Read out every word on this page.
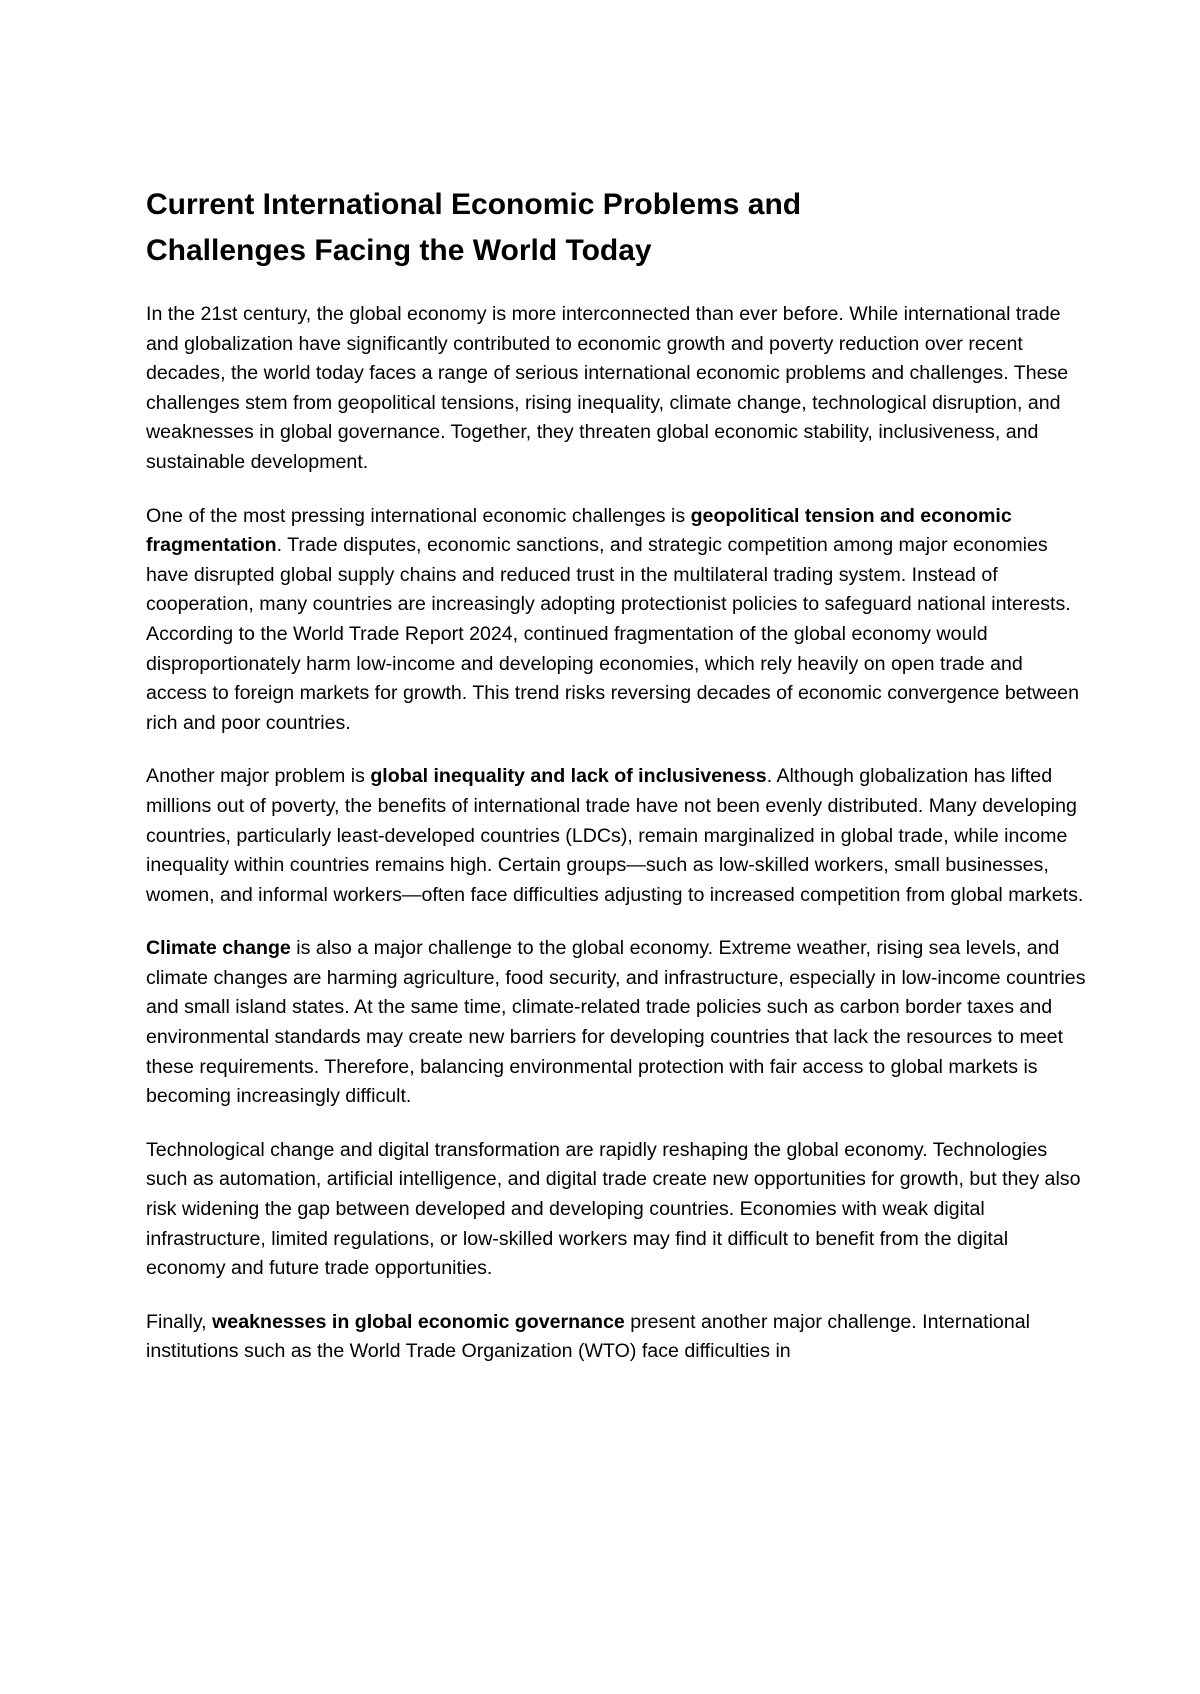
Current International Economic Problems and
Challenges Facing the World Today

In the 21st century, the global economy is more interconnected than ever before. While international trade and globalization have significantly contributed to economic growth and poverty reduction over recent decades, the world today faces a range of serious international economic problems and challenges. These challenges stem from geopolitical tensions, rising inequality, climate change, technological disruption, and weaknesses in global governance. Together, they threaten global economic stability, inclusiveness, and sustainable development.

One of the most pressing international economic challenges is geopolitical tension and economic fragmentation. Trade disputes, economic sanctions, and strategic competition among major economies have disrupted global supply chains and reduced trust in the multilateral trading system. Instead of cooperation, many countries are increasingly adopting protectionist policies to safeguard national interests. According to the World Trade Report 2024, continued fragmentation of the global economy would disproportionately harm low-income and developing economies, which rely heavily on open trade and access to foreign markets for growth. This trend risks reversing decades of economic convergence between rich and poor countries.

Another major problem is global inequality and lack of inclusiveness. Although globalization has lifted millions out of poverty, the benefits of international trade have not been evenly distributed. Many developing countries, particularly least-developed countries (LDCs), remain marginalized in global trade, while income inequality within countries remains high. Certain groups—such as low-skilled workers, small businesses, women, and informal workers—often face difficulties adjusting to increased competition from global markets.

Climate change is also a major challenge to the global economy. Extreme weather, rising sea levels, and climate changes are harming agriculture, food security, and infrastructure, especially in low-income countries and small island states. At the same time, climate-related trade policies such as carbon border taxes and environmental standards may create new barriers for developing countries that lack the resources to meet these requirements. Therefore, balancing environmental protection with fair access to global markets is becoming increasingly difficult.

Technological change and digital transformation are rapidly reshaping the global economy. Technologies such as automation, artificial intelligence, and digital trade create new opportunities for growth, but they also risk widening the gap between developed and developing countries. Economies with weak digital infrastructure, limited regulations, or low-skilled workers may find it difficult to benefit from the digital economy and future trade opportunities.

Finally, weaknesses in global economic governance present another major challenge. International institutions such as the World Trade Organization (WTO) face difficulties in
